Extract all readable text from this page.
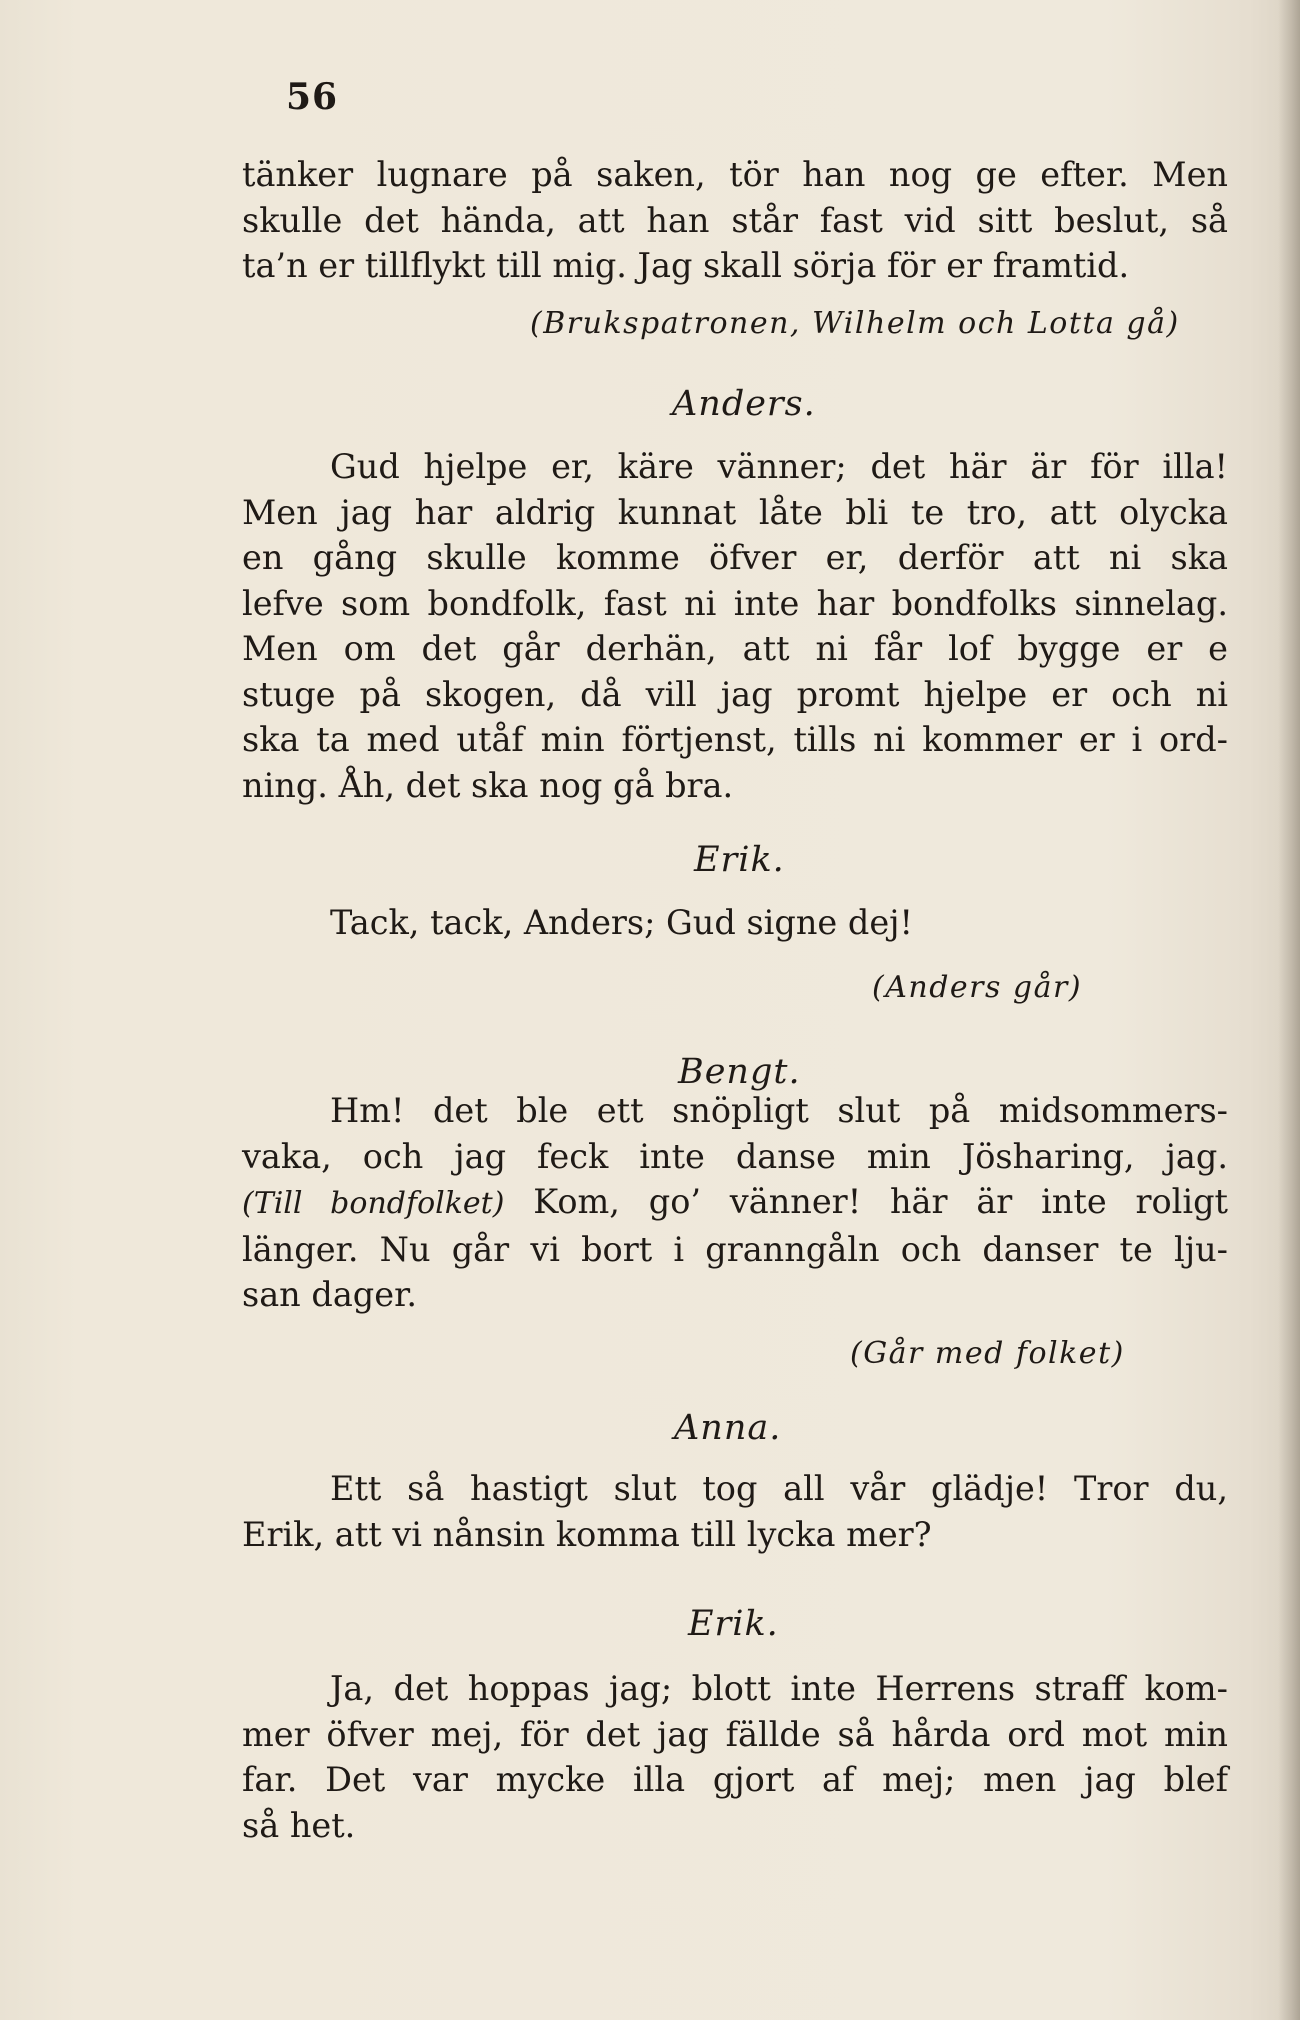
56
tänker lugnare på saken, tör han nog ge efter. Men
skulle det hända, att han står fast vid sitt beslut, så
ta’n er tillflykt till mig. Jag skall sörja för er framtid.
(Brukspatronen, Wilhelm och Lotta gå)
Anders.
Gud hjelpe er, käre vänner; det här är för illa!
Men jag har aldrig kunnat låte bli te tro, att olycka
en gång skulle komme öfver er, derför att ni ska
lefve som bondfolk, fast ni inte har bondfolks sinnelag.
Men om det går derhän, att ni får lof bygge er e
stuge på skogen, då vill jag promt hjelpe er och ni
ska ta med utåf min förtjenst, tills ni kommer er i ord-
ning. Åh, det ska nog gå bra.
Erik.
Tack, tack, Anders; Gud signe dej!
(Anders går)
Bengt.
Hm! det ble ett snöpligt slut på midsommers-
vaka, och jag feck inte danse min Jösharing, jag.
(Till bondfolket) Kom, go’ vänner! här är inte roligt
länger. Nu går vi bort i granngåln och danser te lju-
san dager.
(Går med folket)
Anna.
Ett så hastigt slut tog all vår glädje! Tror du,
Erik, att vi nånsin komma till lycka mer?
Erik.
Ja, det hoppas jag; blott inte Herrens straff kom-
mer öfver mej, för det jag fällde så hårda ord mot min
far. Det var mycke illa gjort af mej; men jag blef
så het.
